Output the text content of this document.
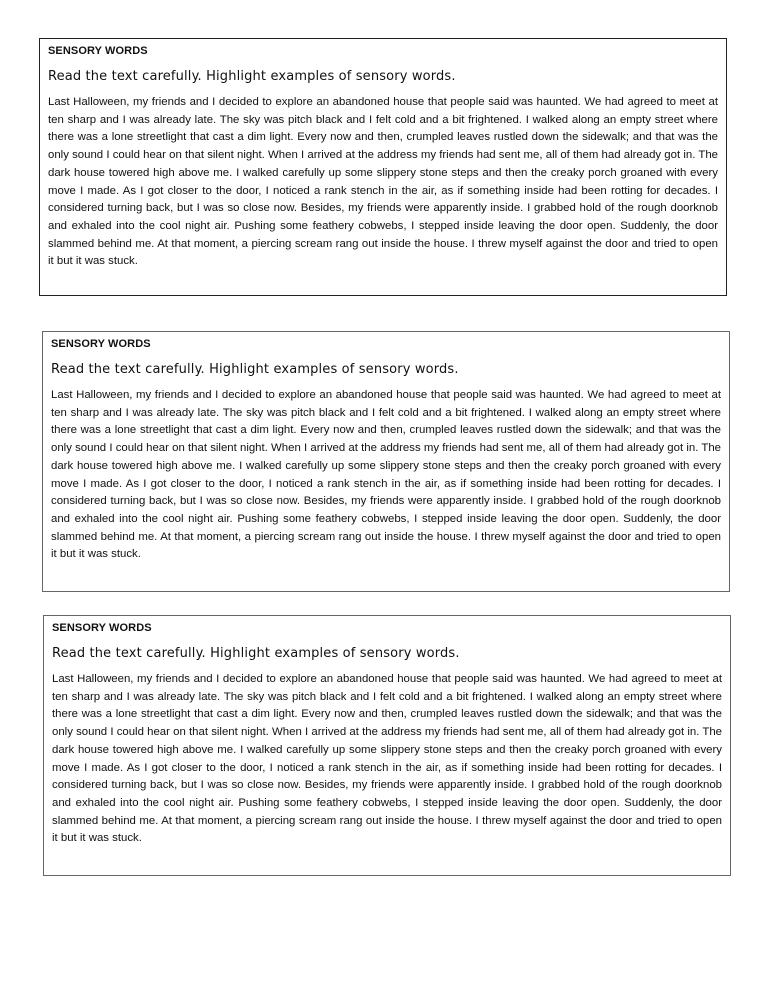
SENSORY WORDS

Read the text carefully. Highlight examples of sensory words.

Last Halloween, my friends and I decided to explore an abandoned house that people said was haunted. We had agreed to meet at ten sharp and I was already late. The sky was pitch black and I felt cold and a bit frightened. I walked along an empty street where there was a lone streetlight that cast a dim light. Every now and then, crumpled leaves rustled down the sidewalk; and that was the only sound I could hear on that silent night. When I arrived at the address my friends had sent me, all of them had already got in. The dark house towered high above me. I walked carefully up some slippery stone steps and then the creaky porch groaned with every move I made. As I got closer to the door, I noticed a rank stench in the air, as if something inside had been rotting for decades. I considered turning back, but I was so close now. Besides, my friends were apparently inside. I grabbed hold of the rough doorknob and exhaled into the cool night air. Pushing some feathery cobwebs, I stepped inside leaving the door open. Suddenly, the door slammed behind me. At that moment, a piercing scream rang out inside the house. I threw myself against the door and tried to open it but it was stuck.

SENSORY WORDS

Read the text carefully. Highlight examples of sensory words.

Last Halloween, my friends and I decided to explore an abandoned house that people said was haunted. We had agreed to meet at ten sharp and I was already late. The sky was pitch black and I felt cold and a bit frightened. I walked along an empty street where there was a lone streetlight that cast a dim light. Every now and then, crumpled leaves rustled down the sidewalk; and that was the only sound I could hear on that silent night. When I arrived at the address my friends had sent me, all of them had already got in. The dark house towered high above me. I walked carefully up some slippery stone steps and then the creaky porch groaned with every move I made. As I got closer to the door, I noticed a rank stench in the air, as if something inside had been rotting for decades. I considered turning back, but I was so close now. Besides, my friends were apparently inside. I grabbed hold of the rough doorknob and exhaled into the cool night air. Pushing some feathery cobwebs, I stepped inside leaving the door open. Suddenly, the door slammed behind me. At that moment, a piercing scream rang out inside the house. I threw myself against the door and tried to open it but it was stuck.

SENSORY WORDS

Read the text carefully. Highlight examples of sensory words.

Last Halloween, my friends and I decided to explore an abandoned house that people said was haunted. We had agreed to meet at ten sharp and I was already late. The sky was pitch black and I felt cold and a bit frightened. I walked along an empty street where there was a lone streetlight that cast a dim light. Every now and then, crumpled leaves rustled down the sidewalk; and that was the only sound I could hear on that silent night. When I arrived at the address my friends had sent me, all of them had already got in. The dark house towered high above me. I walked carefully up some slippery stone steps and then the creaky porch groaned with every move I made. As I got closer to the door, I noticed a rank stench in the air, as if something inside had been rotting for decades. I considered turning back, but I was so close now. Besides, my friends were apparently inside. I grabbed hold of the rough doorknob and exhaled into the cool night air. Pushing some feathery cobwebs, I stepped inside leaving the door open. Suddenly, the door slammed behind me. At that moment, a piercing scream rang out inside the house. I threw myself against the door and tried to open it but it was stuck.
